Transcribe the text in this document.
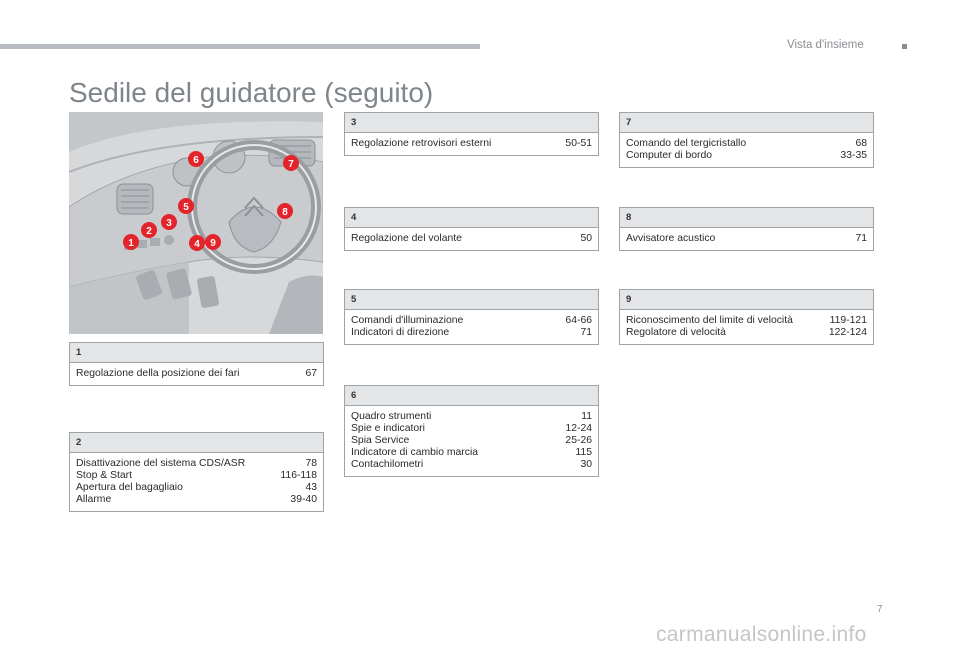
Vista d'insieme
Sedile del guidatore (seguito)
1
2
3
4
5
6	7
8
9
1
Regolazione della posizione dei fari	67
2
Disattivazione del sistema CDS/ASR	78
Stop & Start	116-118
Apertura del bagagliaio	43
Allarme	39-40
3
Regolazione retrovisori esterni	50-51
4
Regolazione del volante	50
5
Comandi d'illuminazione	64-66
Indicatori di direzione	71
6
Quadro strumenti	11
Spie e indicatori	12-24
Spia Service	25-26
Indicatore di cambio marcia	115
Contachilometri	30
7
Comando del tergicristallo	68
Computer di bordo	33-35
8
Avvisatore acustico	71
9
Riconoscimento del limite di velocità	119-121
Regolatore di velocità	122-124
7
carmanualsonline.info
